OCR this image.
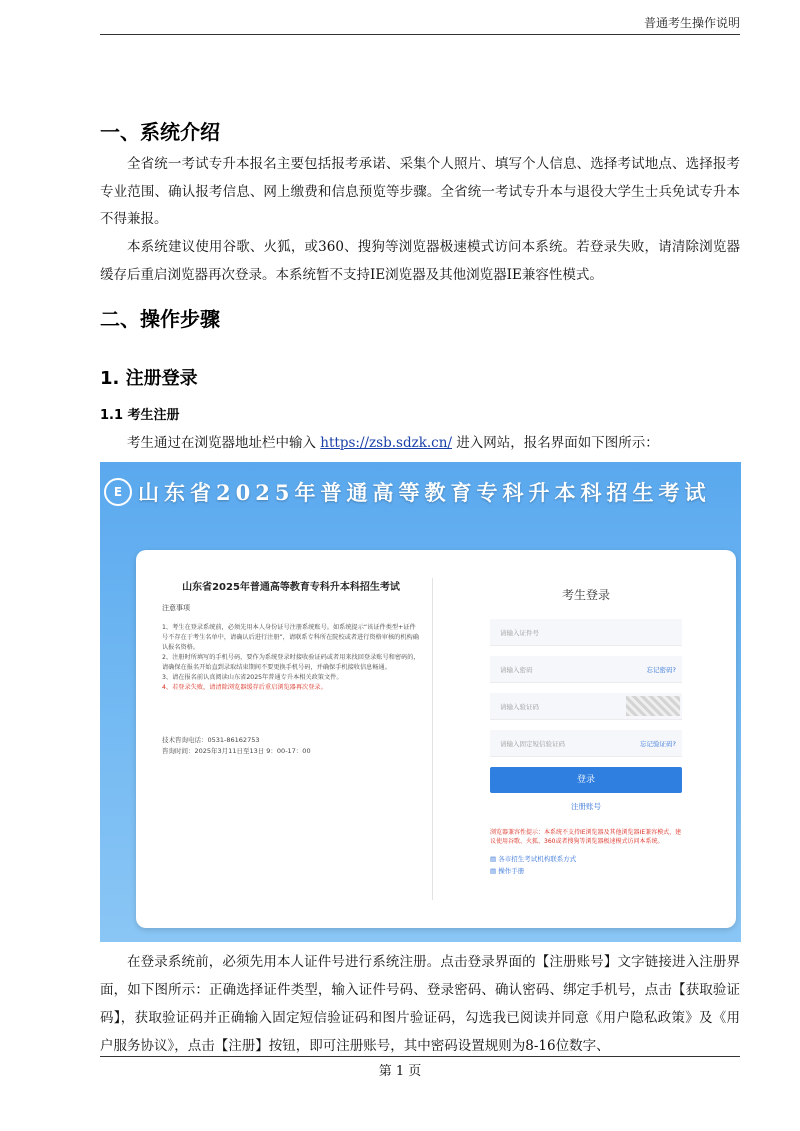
普通考生操作说明
一、系统介绍

全省统一考试专升本报名主要包括报考承诺、采集个人照片、填写个人信息、选择考试地点、选择报考专业范围、确认报考信息、网上缴费和信息预览等步骤。全省统一考试专升本与退役大学生士兵免试专升本不得兼报。

本系统建议使用谷歌、火狐，或360、搜狗等浏览器极速模式访问本系统。若登录失败，请清除浏览器缓存后重启浏览器再次登录。本系统暂不支持IE浏览器及其他浏览器IE兼容性模式。

二、操作步骤
1. 注册登录
1.1 考生注册

考生通过在浏览器地址栏中输入 https://zsb.sdzk.cn/ 进入网站，报名界面如下图所示：

E 山东省2025年普通高等教育专科升本科招生考试
山东省2025年普通高等教育专科升本科招生考试
注意事项
1、考生在登录系统前，必须先用本人身份证号注册系统账号。如系统提示“该证件类型+证件号不存在于考生名单中，请确认后进行注册”，请联系专科所在院校或者进行资格审核的机构确认报名资格。
2、注册时所填写的手机号码，要作为系统登录时接收验证码或者用来找回登录账号和密码的，请确保在报名开始直到录取结束期间不要更换手机号码，并确保手机接收信息畅通。
3、请在报名前认真阅读山东省2025年普通专升本相关政策文件。
4、若登录失败，请清除浏览器缓存后重启浏览器再次登录。
技术咨询电话：0531-86162753
咨询时间：2025年3月11日至13日 9：00-17：00
考生登录
请输入证件号
请输入密码	忘记密码?
请输入验证码
请输入固定短信验证码	忘记验证码?
登录
注册账号
浏览器兼容性提示：本系统不支持IE浏览器及其他浏览器IE兼容模式，建议使用谷歌、火狐、360或者搜狗等浏览器极速模式访问本系统。
▤ 各市招生考试机构联系方式
▤ 操作手册

在登录系统前，必须先用本人证件号进行系统注册。点击登录界面的【注册账号】文字链接进入注册界面，如下图所示：正确选择证件类型，输入证件号码、登录密码、确认密码、绑定手机号，点击【获取验证码】，获取验证码并正确输入固定短信验证码和图片验证码，勾选我已阅读并同意《用户隐私政策》及《用户服务协议》，点击【注册】按钮，即可注册账号，其中密码设置规则为8-16位数字、

第 1 页
